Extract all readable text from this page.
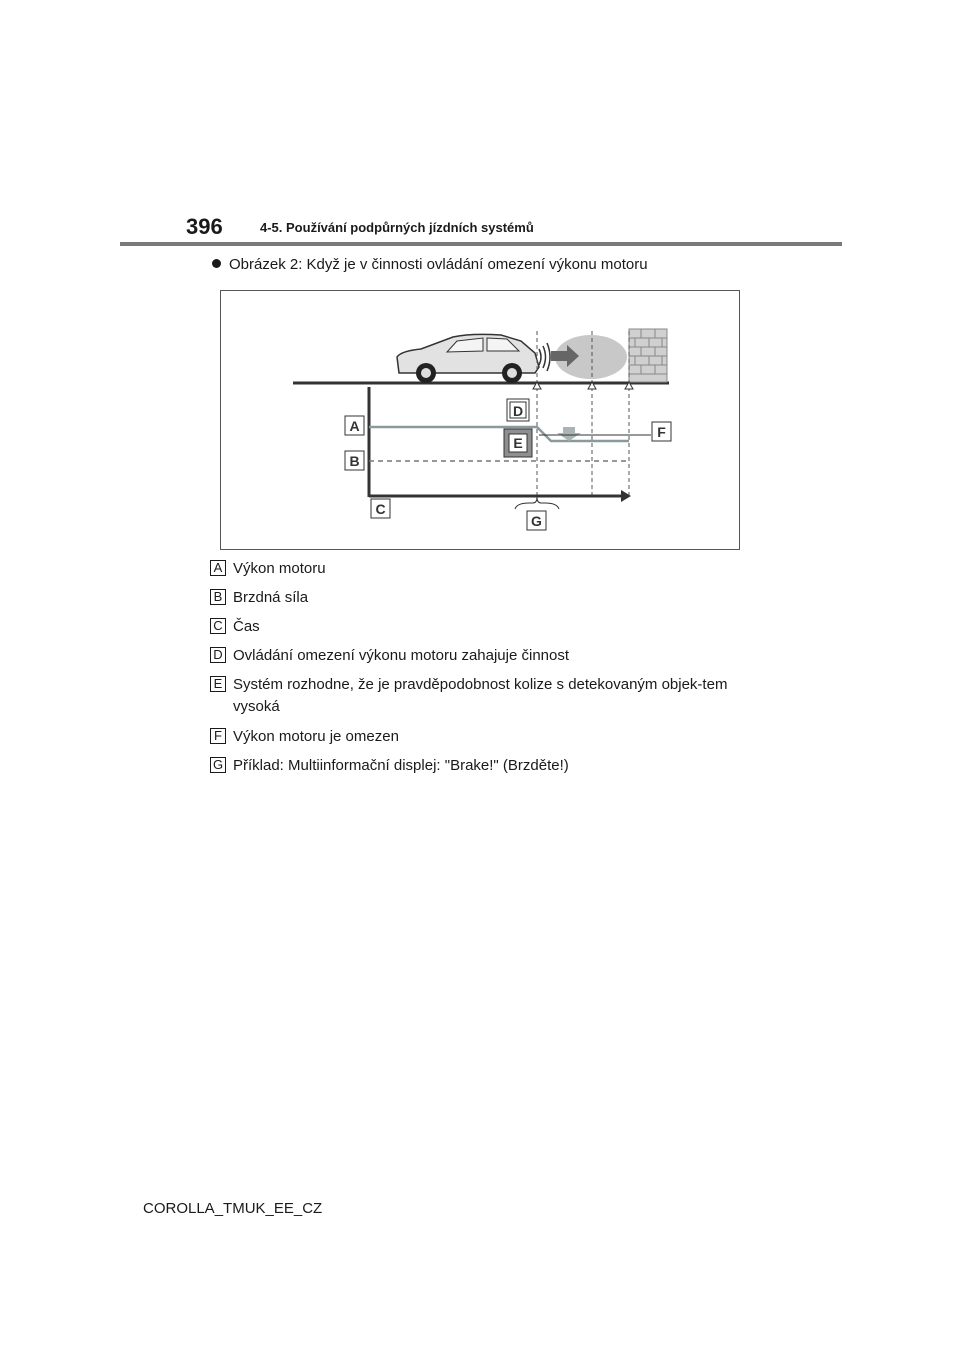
396	4-5. Používání podpůrných jízdních systémů
Obrázek 2: Když je v činnosti ovládání omezení výkonu motoru
A
B
C
D
E
F
G
A Výkon motoru
B Brzdná síla
C Čas
D Ovládání omezení výkonu motoru zahajuje činnost
E Systém rozhodne, že je pravděpodobnost kolize s detekovaným objek-tem vysoká
F Výkon motoru je omezen
G Příklad: Multiinformační displej: "Brake!" (Brzděte!)
COROLLA_TMUK_EE_CZ
